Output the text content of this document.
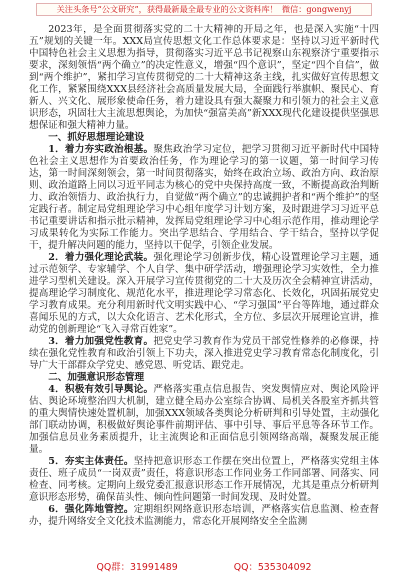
关注头条号“公文研究”，获得最新最全最专业的公文资料库！ 微信：gongwenyj

2023年，是全面贯彻落实党的二十大精神的开局之年，也是深入实施“十四五”规划的关键一年。XXX局宣传思想文化工作总体要求是：坚持以习近平新时代中国特色社会主义思想为指导，贯彻落实习近平总书记视察山东视察济宁重要指示要求，深刻领悟“两个确立”的决定性意义，增强“四个意识”，坚定“四个自信”，做到“两个维护”，紧扣学习宣传贯彻党的二十大精神这条主线，扎实做好宣传思想文化工作，紧紧围绕XXX县经济社会高质量发展大局，全面践行举旗帜、聚民心、育新人、兴文化、展形象使命任务，着力建设具有强大凝聚力和引领力的社会主义意识形态，巩固壮大主流思想舆论，为加快“强富美高”新XXX现代化建设提供坚强思想保证和强大精神力量。

一、抓好思想理论建设

1．着力夯实政治根基。聚焦政治学习定位，把学习贯彻习近平新时代中国特色社会主义思想作为首要政治任务，作为理论学习的第一议题，第一时间学习传达，第一时间深刻领会，第一时间贯彻落实，始终在政治立场、政治方向、政治原则、政治道路上同以习近平同志为核心的党中央保持高度一致，不断提高政治判断力、政治领悟力、政治执行力，自觉做“两个确立”的忠诚拥护者和“两个维护”的坚定践行者。制定局党组理论学习中心组年度学习计划方案，及时跟进学习习近平总书记重要讲话和指示批示精神，发挥局党组理论学习中心组示范作用，推动理论学习成果转化为实际工作能力。突出学思结合、学用结合、学干结合，坚持以学促干，提升解决问题的能力，坚持以干促学，引领企业发展。

2．着力强化理论武装。强化理论学习创新步伐，精心设置理论学习主题，通过示范领学、专家辅学、个人自学、集中研学活动，增强理论学习实效性，全力推进学习型机关建设。深入开展学习宣传贯彻党的二十大及历次全会精神宣讲活动，提高理论学习制度化、规范化水平，推进理论学习常态化、长效化，巩固拓展党史学习教育成果。充分利用新时代文明实践中心、“学习强国”平台等阵地，通过群众喜闻乐见的方式，以大众化语言、艺术化形式，全方位、多层次开展理论宣讲，推动党的创新理论“飞入寻常百姓家”。

3．着力加强党性教育。把党史学习教育作为党员干部党性修养的必修课，持续在强化党性教育和政治引领上下功夫，深入推进党史学习教育常态化制度化，引导广大干部群众学党史、感党恩、听党话、跟党走。

二、加强意识形态管理

4．积极有效引导舆论。严格落实重点信息报告、突发舆情应对、舆论风险评估、舆论环境整治四大机制，建立健全局办公室综合协调、局机关各股室齐抓共管的重大舆情快速处置机制，加强XXX领域各类舆论分析研判和引导处置，主动强化部门联动协调，积极做好舆论事件前期评估、事中引导、事后平息等各环节工作。加强信息员业务素质提升，让主流舆论和正面信息引领网络高端，凝聚发展正能量。

5．夯实主体责任。坚持把意识形态工作摆在突出位置上，严格落实党组主体责任、班子成员“一岗双责”责任，将意识形态工作同业务工作同部署、同落实、同检查、同考核。定期向上级党委汇报意识形态工作开展情况，尤其是重点分析研判意识形态形势，确保苗头性、倾向性问题第一时间发现、及时处置。

6．强化阵地管控。定期组织网络意识形态培训，严格落实信息监测、检查督办，提升网络安全文化技术监测能力，常态化开展网络安全全监测

QQ群：31991489	QQ：535304092
